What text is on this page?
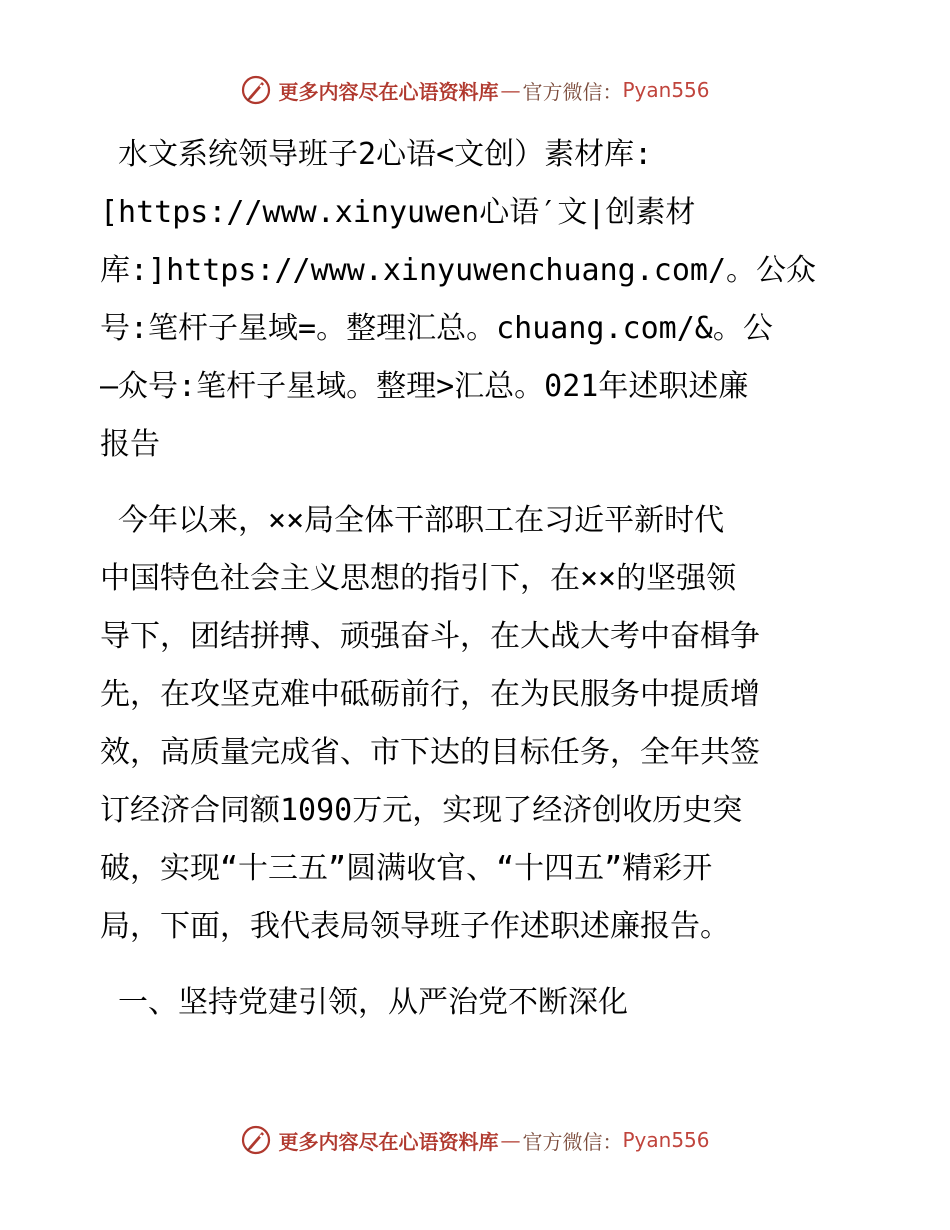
更多内容尽在心语资料库 — 官方微信： Pyan556

水文系统领导班子2心语<文创）素材库:
[https://www.xinyuwen心语′文|创素材
库:]https://www.xinyuwenchuang.com/。公众
号:笔杆子星域=。整理汇总。chuang.com/&。公
—众号:笔杆子星域。整理>汇总。021年述职述廉
报告

今年以来，××局全体干部职工在习近平新时代
中国特色社会主义思想的指引下，在××的坚强领
导下，团结拼搏、顽强奋斗，在大战大考中奋楫争
先，在攻坚克难中砥砺前行，在为民服务中提质增
效，高质量完成省、市下达的目标任务，全年共签
订经济合同额1090万元，实现了经济创收历史突
破，实现“十三五”圆满收官、“十四五”精彩开
局，下面，我代表局领导班子作述职述廉报告。

一、坚持党建引领，从严治党不断深化

更多内容尽在心语资料库 — 官方微信： Pyan556
